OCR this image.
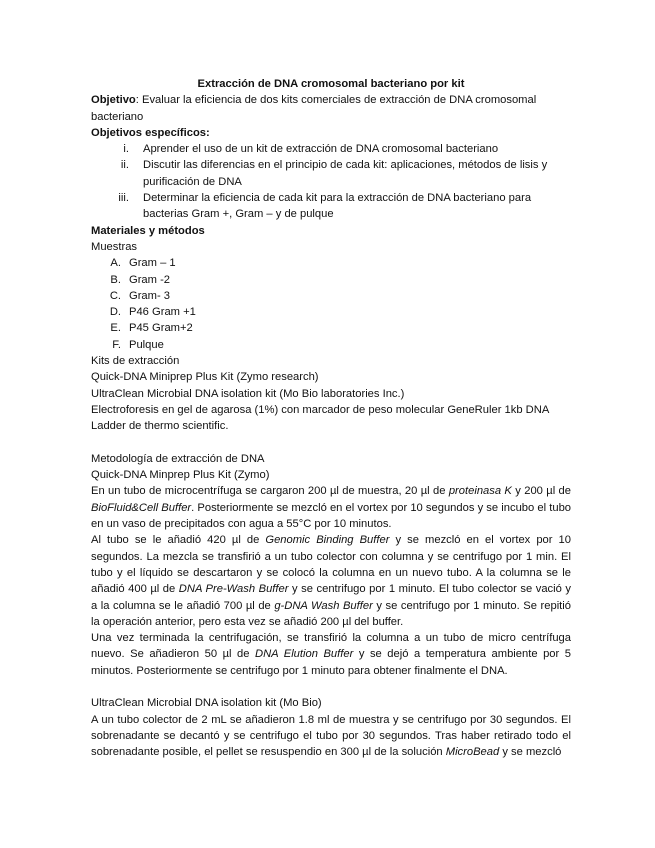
Extracción de DNA cromosomal bacteriano por kit

Objetivo: Evaluar la eficiencia de dos kits comerciales de extracción de DNA cromosomal bacteriano

Objetivos específicos:

i.	Aprender el uso de un kit de extracción de DNA cromosomal bacteriano
ii.	Discutir las diferencias en el principio de cada kit: aplicaciones, métodos de lisis y purificación de DNA
iii.	Determinar la eficiencia de cada kit para la extracción de DNA bacteriano para bacterias Gram +, Gram – y de pulque

Materiales y métodos

Muestras

A. Gram – 1
B. Gram -2
C. Gram- 3
D. P46 Gram +1
E. P45 Gram+2
F. Pulque

Kits de extracción

Quick-DNA Miniprep Plus Kit (Zymo research)

UltraClean Microbial DNA isolation kit (Mo Bio laboratories Inc.)

Electroforesis en gel de agarosa (1%) con marcador de peso molecular GeneRuler 1kb DNA Ladder de thermo scientific.

Metodología de extracción de DNA

Quick-DNA Minprep Plus Kit (Zymo)

En un tubo de microcentrífuga se cargaron 200 µl de muestra, 20 µl de proteinasa K y 200 µl de BioFluid&Cell Buffer. Posteriormente se mezcló en el vortex por 10 segundos y se incubo el tubo en un vaso de precipitados con agua a 55°C por 10 minutos.

Al tubo se le añadió 420 µl de Genomic Binding Buffer y se mezcló en el vortex por 10 segundos. La mezcla se transfirió a un tubo colector con columna y se centrifugo por 1 min. El tubo y el líquido se descartaron y se colocó la columna en un nuevo tubo. A la columna se le añadió 400 µl de DNA Pre-Wash Buffer y se centrifugo por 1 minuto. El tubo colector se vació y a la columna se le añadió 700 µl de g-DNA Wash Buffer y se centrifugo por 1 minuto. Se repitió la operación anterior, pero esta vez se añadió 200 µl del buffer.

Una vez terminada la centrifugación, se transfirió la columna a un tubo de micro centrífuga nuevo. Se añadieron 50 µl de DNA Elution Buffer y se dejó a temperatura ambiente por 5 minutos. Posteriormente se centrifugo por 1 minuto para obtener finalmente el DNA.

UltraClean Microbial DNA isolation kit (Mo Bio)

A un tubo colector de 2 mL se añadieron 1.8 ml de muestra y se centrifugo por 30 segundos. El sobrenadante se decantó y se centrifugo el tubo por 30 segundos. Tras haber retirado todo el sobrenadante posible, el pellet se resuspendio en 300 µl de la solución MicroBead y se mezcló
